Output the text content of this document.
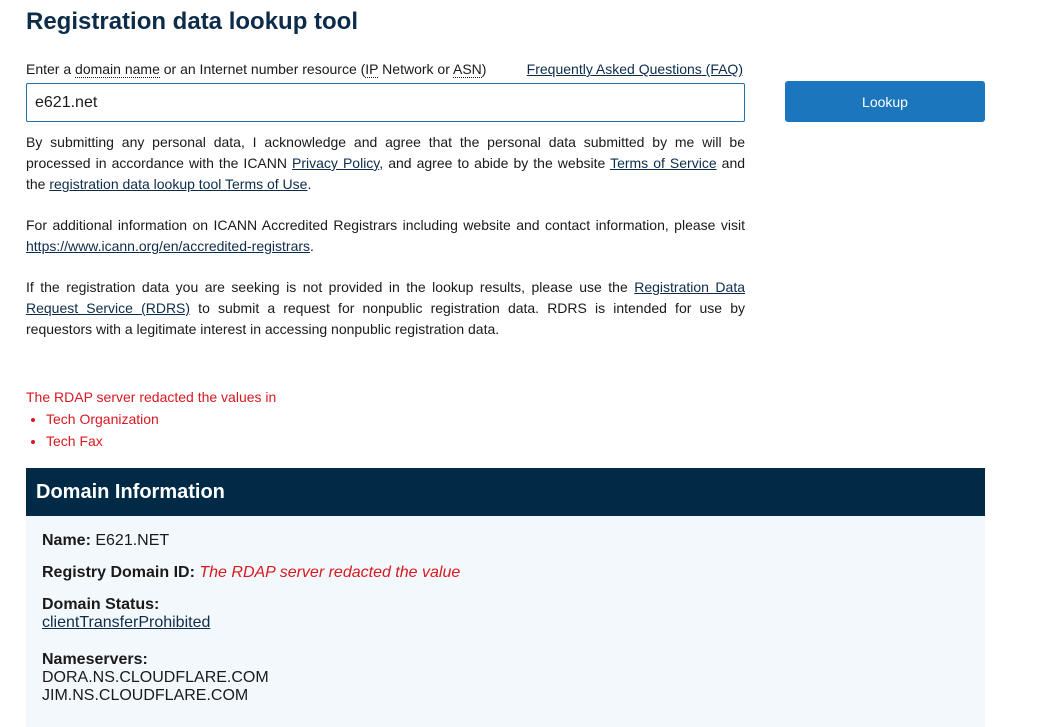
Registration data lookup tool
Enter a domain name or an Internet number resource (IP Network or ASN)	Frequently Asked Questions (FAQ)
e621.net
Lookup

By submitting any personal data, I acknowledge and agree that the personal data submitted by me will be processed in accordance with the ICANN Privacy Policy, and agree to abide by the website Terms of Service and the registration data lookup tool Terms of Use.

For additional information on ICANN Accredited Registrars including website and contact information, please visit https://www.icann.org/en/accredited-registrars.

If the registration data you are seeking is not provided in the lookup results, please use the Registration Data Request Service (RDRS) to submit a request for nonpublic registration data. RDRS is intended for use by requestors with a legitimate interest in accessing nonpublic registration data.

The RDAP server redacted the values in
• Tech Organization
• Tech Fax
Domain Information
Name: E621.NET
Registry Domain ID: The RDAP server redacted the value
Domain Status:
clientTransferProhibited
Nameservers:
DORA.NS.CLOUDFLARE.COM
JIM.NS.CLOUDFLARE.COM
